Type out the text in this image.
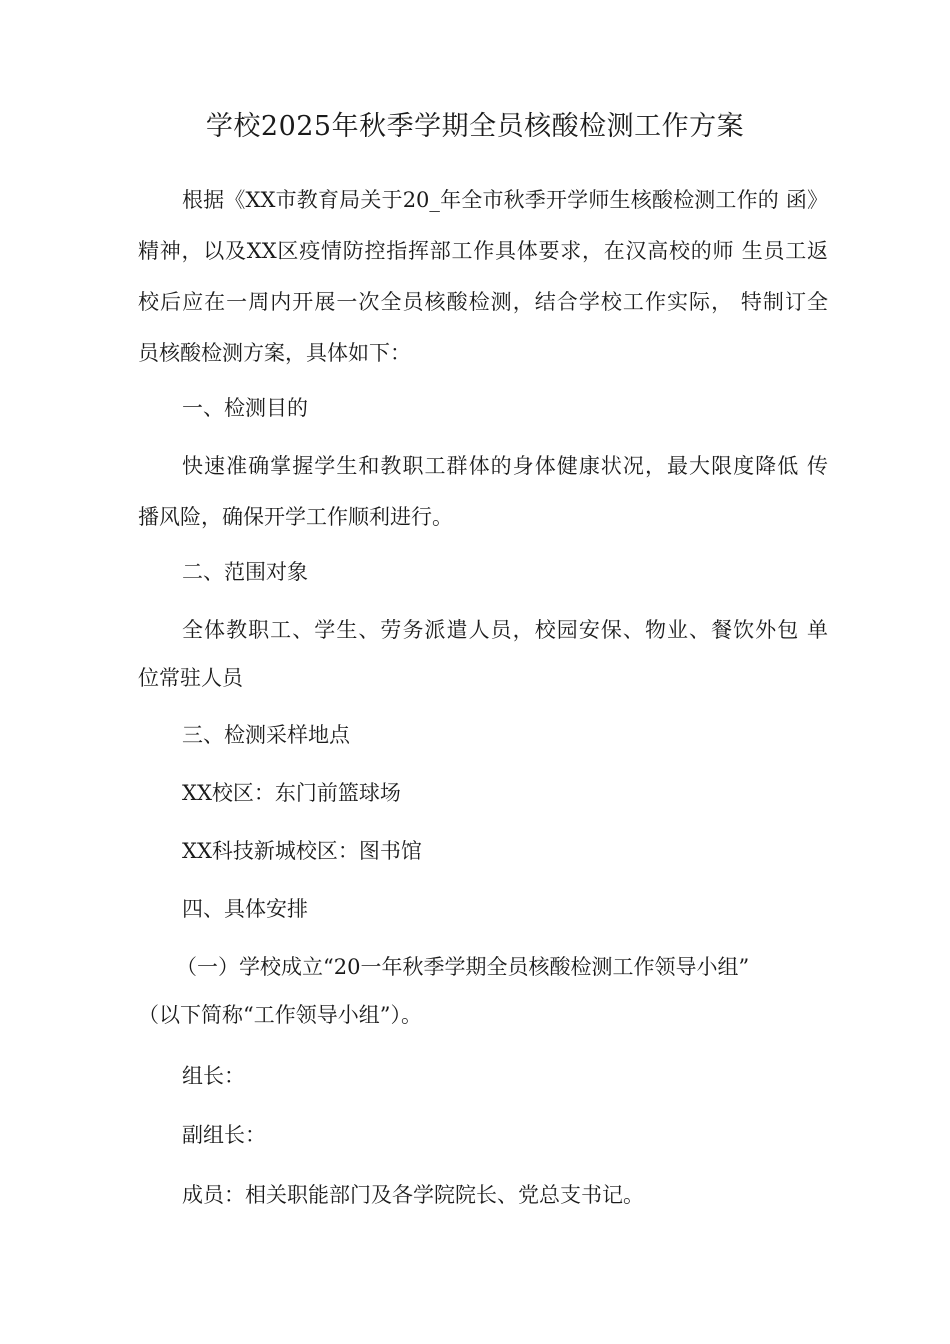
学校2025年秋季学期全员核酸检测工作方案
根据《XX市教育局关于20_年全市秋季开学师生核酸检测工作的 函》
精神，以及XX区疫情防控指挥部工作具体要求，在汉高校的师 生员工返
校后应在一周内开展一次全员核酸检测，结合学校工作实际， 特制订全
员核酸检测方案，具体如下：
一、检测目的
快速准确掌握学生和教职工群体的身体健康状况，最大限度降低 传
播风险，确保开学工作顺利进行。
二、范围对象
全体教职工、学生、劳务派遣人员，校园安保、物业、餐饮外包 单
位常驻人员
三、检测采样地点
XX校区：东门前篮球场
XX科技新城校区：图书馆
四、具体安排
（一）学校成立“20一年秋季学期全员核酸检测工作领导小组”
（以下简称“工作领导小组”）。
组长：
副组长：
成员：相关职能部门及各学院院长、党总支书记。
